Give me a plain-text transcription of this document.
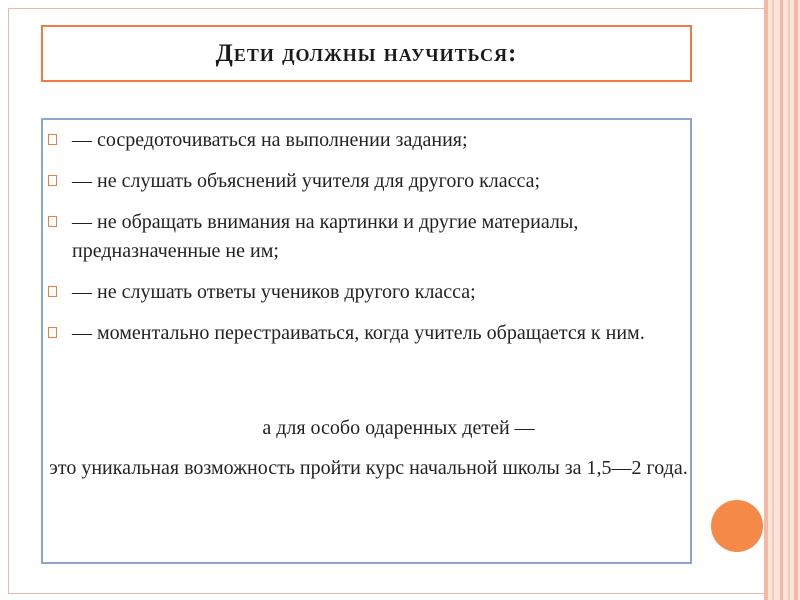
Дети должны научиться:
— сосредоточиваться на выполнении задания;
— не слушать объяснений учителя для другого класса;
— не обращать внимания на картинки и другие материалы, предназначенные не им;
— не слушать ответы учеников другого класса;
— моментально перестраиваться, когда учитель обращается к ним.
а для особо одаренных детей —
это уникальная возможность пройти курс начальной школы за 1,5—2 года.
